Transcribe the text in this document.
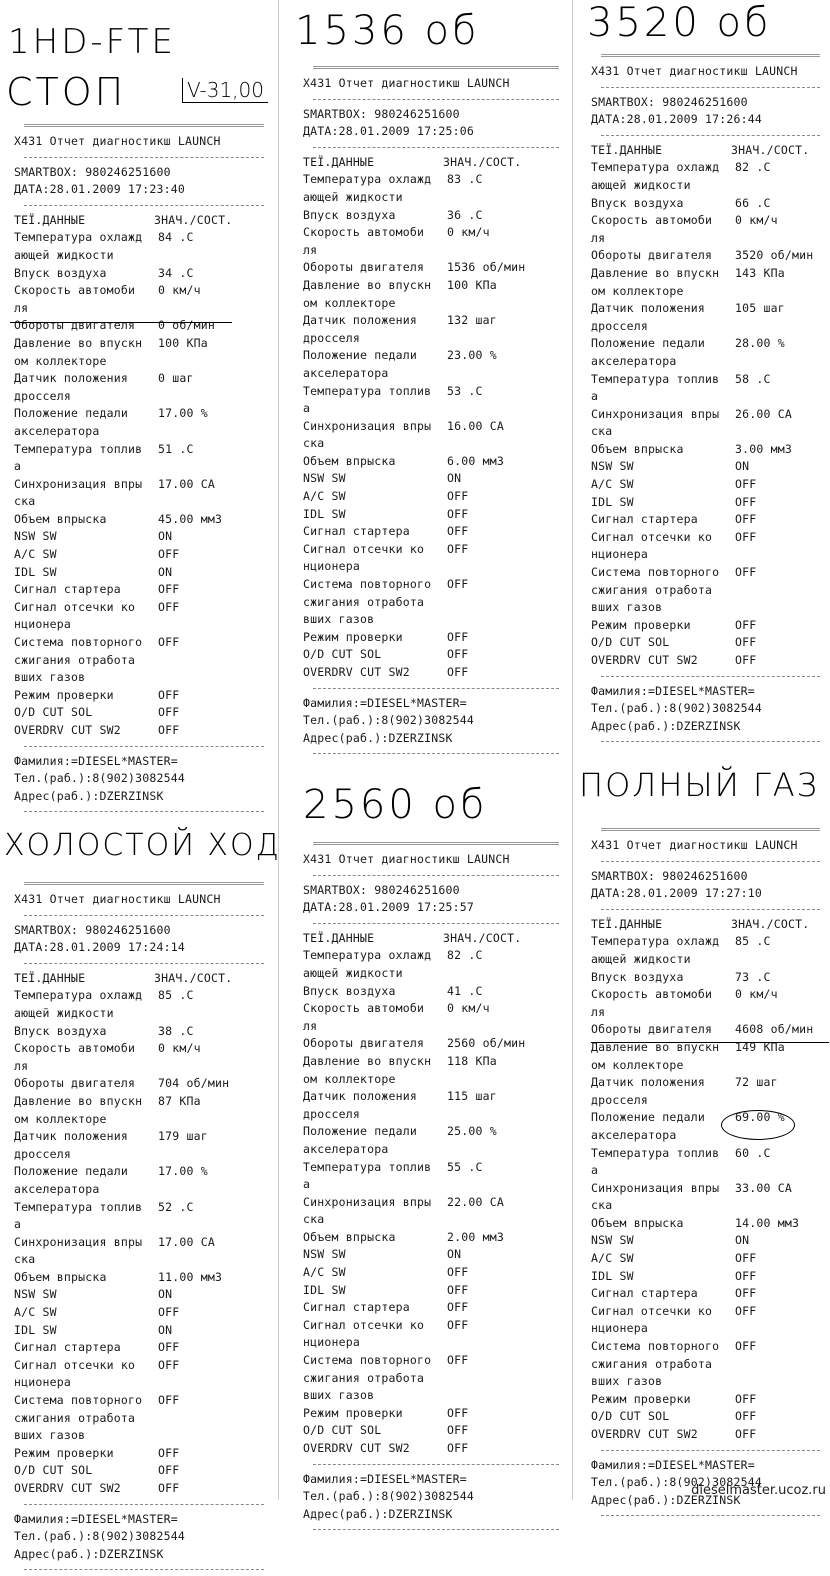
1HD-FTE
СТОП	V-31,00
X431 Отчет диагностикш LAUNCH
SMARTBOX: 980246251600
ДАТА:28.01.2009 17:23:40
ТЕЇ.ДАННЫЕ	ЗНАЧ./СОСТ.
Температура охлажд 84 .C
ающей жидкости
Впуск воздуха	34 .C
Скорость автомоби 0 км/ч
ля
Обороты двигателя 0 об/мин
Давление во впускн 100 КПа
ом коллекторе
Датчик положения	0 шаг
дросселя
Положение педали	17.00 %
акселератора
Температура топлив 51 .C
а
Синхронизация впры 17.00 СА
ска
Объем впрыска	45.00 мм3
NSW SW	ON
A/C SW	OFF
IDL SW	ON
Сигнал стартера	OFF
Сигнал отсечки ко OFF
нционера
Система повторного OFF
сжигания отработа
вших газов
Режим проверки	OFF
O/D CUT SOL	OFF
OVERDRV CUT SW2	OFF
Фамилия:=DIESEL*MASTER=
Тел.(раб.):8(902)3082544
Адрес(раб.):DZERZINSK
ХОЛОСТОЙ ХОД
X431 Отчет диагностикш LAUNCH
SMARTBOX: 980246251600
ДАТА:28.01.2009 17:24:14
ТЕЇ.ДАННЫЕ	ЗНАЧ./СОСТ.
Температура охлажд 85 .C
ающей жидкости
Впуск воздуха	38 .C
Скорость автомоби 0 км/ч
ля
Обороты двигателя 704 об/мин
Давление во впускн 87 КПа
ом коллекторе
Датчик положения	179 шаг
дросселя
Положение педали	17.00 %
акселератора
Температура топлив 52 .C
а
Синхронизация впры 17.00 СА
ска
Объем впрыска	11.00 мм3
NSW SW	ON
A/C SW	OFF
IDL SW	ON
Сигнал стартера	OFF
Сигнал отсечки ко OFF
нционера
Система повторного OFF
сжигания отработа
вших газов
Режим проверки	OFF
O/D CUT SOL	OFF
OVERDRV CUT SW2	OFF
Фамилия:=DIESEL*MASTER=
Тел.(раб.):8(902)3082544
Адрес(раб.):DZERZINSK
1536 об
X431 Отчет диагностикш LAUNCH
SMARTBOX: 980246251600
ДАТА:28.01.2009 17:25:06
ТЕЇ.ДАННЫЕ	ЗНАЧ./СОСТ.
Температура охлажд 83 .C
ающей жидкости
Впуск воздуха	36 .C
Скорость автомоби 0 км/ч
ля
Обороты двигателя 1536 об/мин
Давление во впускн 100 КПа
ом коллекторе
Датчик положения	132 шаг
дросселя
Положение педали	23.00 %
акселератора
Температура топлив 53 .C
а
Синхронизация впры 16.00 СА
ска
Объем впрыска	6.00 мм3
NSW SW	ON
A/C SW	OFF
IDL SW	OFF
Сигнал стартера	OFF
Сигнал отсечки ко OFF
нционера
Система повторного OFF
сжигания отработа
вших газов
Режим проверки	OFF
O/D CUT SOL	OFF
OVERDRV CUT SW2	OFF
Фамилия:=DIESEL*MASTER=
Тел.(раб.):8(902)3082544
Адрес(раб.):DZERZINSK
2560 об
X431 Отчет диагностикш LAUNCH
SMARTBOX: 980246251600
ДАТА:28.01.2009 17:25:57
ТЕЇ.ДАННЫЕ	ЗНАЧ./СОСТ.
Температура охлажд 82 .C
ающей жидкости
Впуск воздуха	41 .C
Скорость автомоби 0 км/ч
ля
Обороты двигателя 2560 об/мин
Давление во впускн 118 КПа
ом коллекторе
Датчик положения	115 шаг
дросселя
Положение педали	25.00 %
акселератора
Температура топлив 55 .C
а
Синхронизация впры 22.00 СА
ска
Объем впрыска	2.00 мм3
NSW SW	ON
A/C SW	OFF
IDL SW	OFF
Сигнал стартера	OFF
Сигнал отсечки ко OFF
нционера
Система повторного OFF
сжигания отработа
вших газов
Режим проверки	OFF
O/D CUT SOL	OFF
OVERDRV CUT SW2	OFF
Фамилия:=DIESEL*MASTER=
Тел.(раб.):8(902)3082544
Адрес(раб.):DZERZINSK
3520 об
X431 Отчет диагностикш LAUNCH
SMARTBOX: 980246251600
ДАТА:28.01.2009 17:26:44
ТЕЇ.ДАННЫЕ	ЗНАЧ./СОСТ.
Температура охлажд 82 .C
ающей жидкости
Впуск воздуха	66 .C
Скорость автомоби 0 км/ч
ля
Обороты двигателя 3520 об/мин
Давление во впускн 143 КПа
ом коллекторе
Датчик положения	105 шаг
дросселя
Положение педали	28.00 %
акселератора
Температура топлив 58 .C
а
Синхронизация впры 26.00 СА
ска
Объем впрыска	3.00 мм3
NSW SW	ON
A/C SW	OFF
IDL SW	OFF
Сигнал стартера	OFF
Сигнал отсечки ко OFF
нционера
Система повторного OFF
сжигания отработа
вших газов
Режим проверки	OFF
O/D CUT SOL	OFF
OVERDRV CUT SW2	OFF
Фамилия:=DIESEL*MASTER=
Тел.(раб.):8(902)3082544
Адрес(раб.):DZERZINSK
ПОЛНЫЙ ГАЗ
X431 Отчет диагностикш LAUNCH
SMARTBOX: 980246251600
ДАТА:28.01.2009 17:27:10
ТЕЇ.ДАННЫЕ	ЗНАЧ./СОСТ.
Температура охлажд 85 .C
ающей жидкости
Впуск воздуха	73 .C
Скорость автомоби 0 км/ч
ля
Обороты двигателя 4608 об/мин
Давление во впускн 149 КПа
ом коллекторе
Датчик положения	72 шаг
дросселя
Положение педали	69.00 %
акселератора
Температура топлив 60 .C
а
Синхронизация впры 33.00 СА
ска
Объем впрыска	14.00 мм3
NSW SW	ON
A/C SW	OFF
IDL SW	OFF
Сигнал стартера	OFF
Сигнал отсечки ко OFF
нционера
Система повторного OFF
сжигания отработа
вших газов
Режим проверки	OFF
O/D CUT SOL	OFF
OVERDRV CUT SW2	OFF
Фамилия:=DIESEL*MASTER=
Тел.(раб.):8(902)3082544
Адрес(раб.):DZERZINSK
dieselmaster.ucoz.ru
